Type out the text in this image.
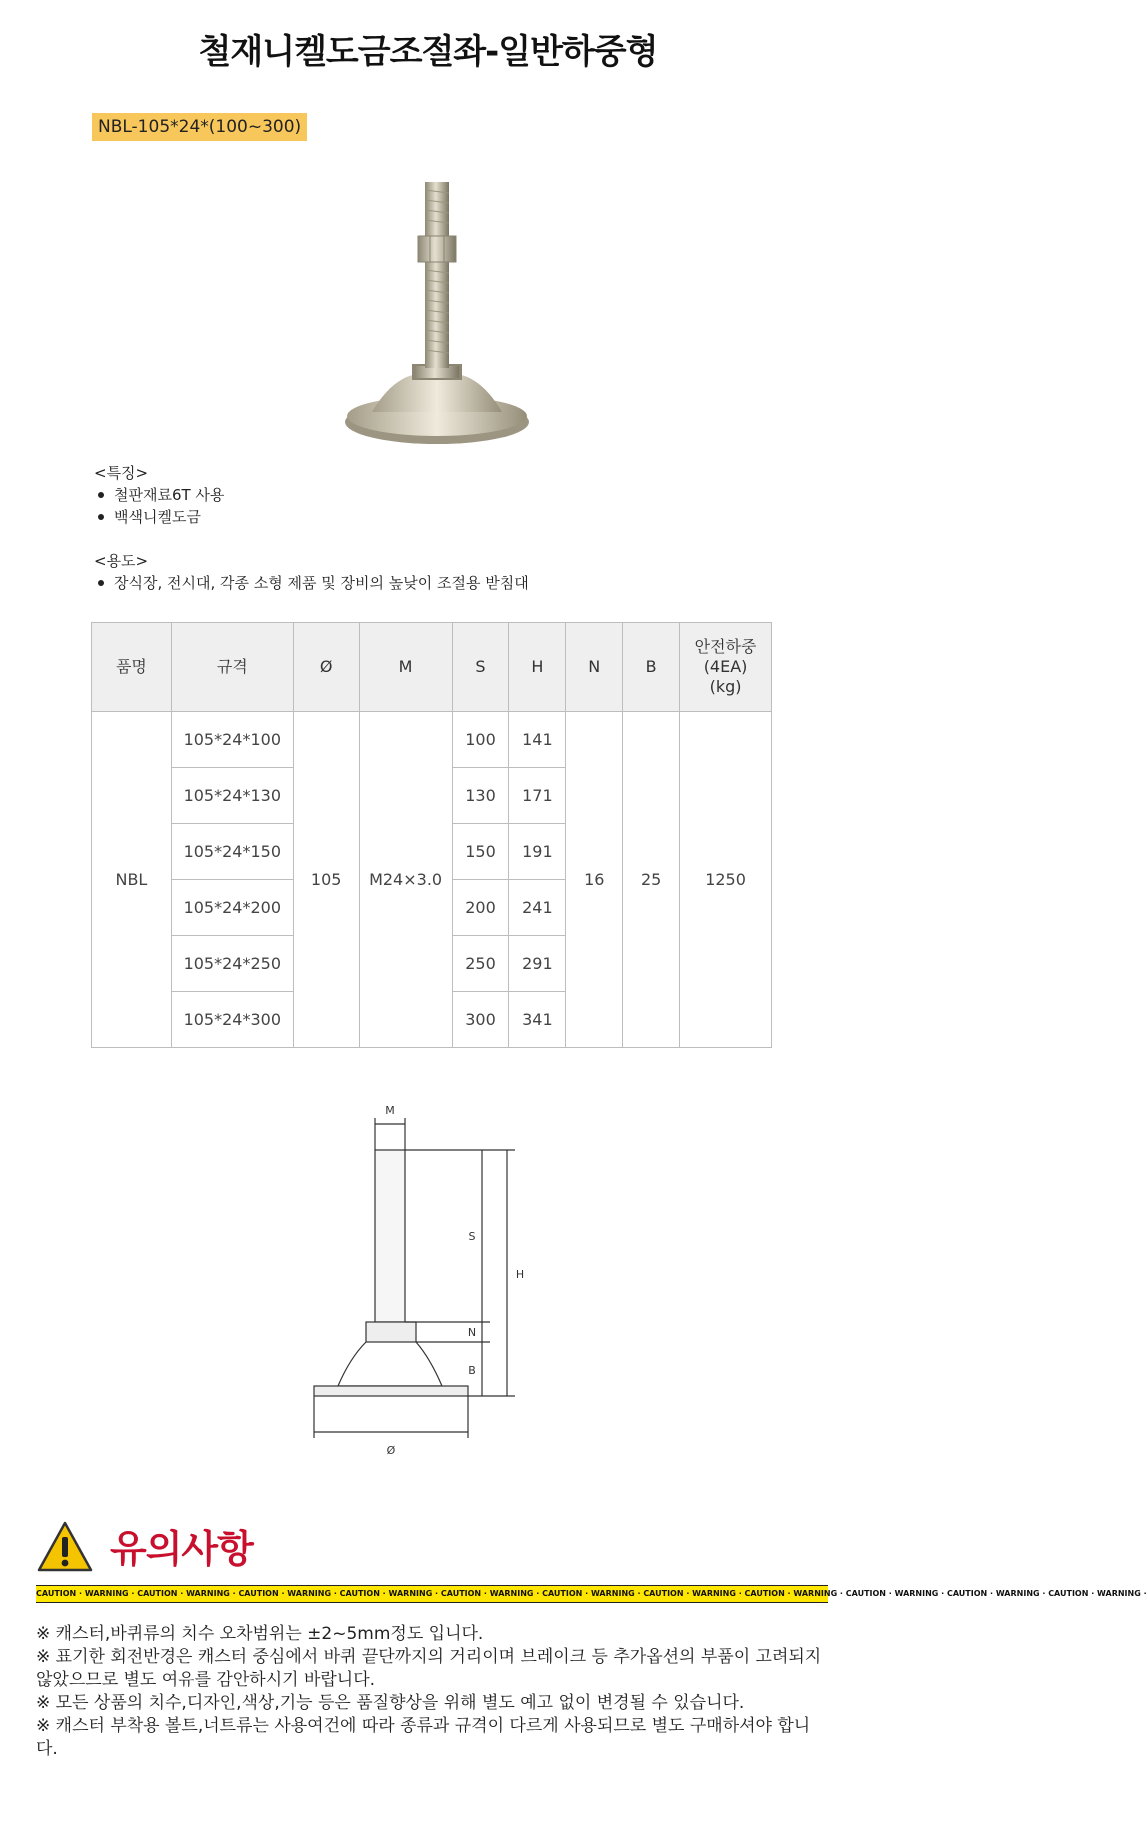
철재니켈도금조절좌-일반하중형
NBL-105*24*(100~300)

<특징>

철판재료6T 사용
백색니켈도금

<용도>

장식장, 전시대, 각종 소형 제품 및 장비의 높낮이 조절용 받침대
품명	규격	Ø	M	S	H	N	B	안전하중
(4EA)
(kg)
NBL	105*24*100	105	M24×3.0	100	141	16	25	1250
	105*24*130			130	171			
	105*24*150			150	191			
	105*24*200			200	241			
	105*24*250			250	291			
	105*24*300			300	341			
M
S
H
N
B
Ø
유의사항
CAUTION · WARNING · CAUTION · WARNING · CAUTION · WARNING · CAUTION · WARNING · CAUTION · WARNING · CAUTION · WARNING · CAUTION · WARNING · CAUTION · WARNING · CAUTION · WARNING · CAUTION · WARNING · CAUTION · WARNING ·

※ 캐스터,바퀴류의 치수 오차범위는 ±2~5mm정도 입니다.

※ 표기한 회전반경은 캐스터 중심에서 바퀴 끝단까지의 거리이며 브레이크 등 추가옵션의 부품이 고려되지 않았으므로 별도 여유를 감안하시기 바랍니다.

※ 모든 상품의 치수,디자인,색상,기능 등은 품질향상을 위해 별도 예고 없이 변경될 수 있습니다.

※ 캐스터 부착용 볼트,너트류는 사용여건에 따라 종류과 규격이 다르게 사용되므로 별도 구매하셔야 합니다.
